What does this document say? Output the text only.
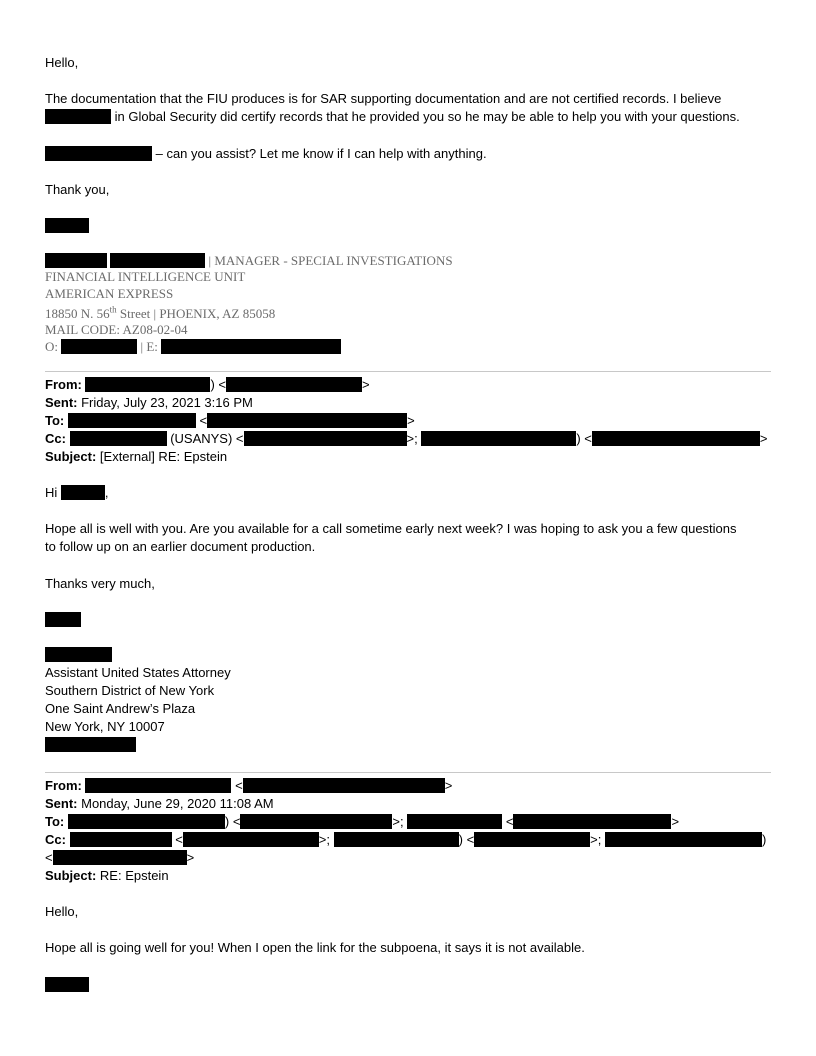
Hello,
The documentation that the FIU produces is for SAR supporting documentation and are not certified records. I believe
in Global Security did certify records that he provided you so he may be able to help you with your questions.
– can you assist? Let me know if I can help with anything.
Thank you,
| MANAGER - SPECIAL INVESTIGATIONS
FINANCIAL INTELLIGENCE UNIT
AMERICAN EXPRESS
18850 N. 56th Street | PHOENIX, AZ 85058
MAIL CODE: AZ08-02-04
O:	| E:
From:	) <	>
Sent: Friday, July 23, 2021 3:16 PM
To:	<	>
Cc:	(USANYS) <	>;	) <	>
Subject: [External] RE: Epstein
Hi	,
Hope all is well with you. Are you available for a call sometime early next week? I was hoping to ask you a few questions
to follow up on an earlier document production.
Thanks very much,
Assistant United States Attorney
Southern District of New York
One Saint Andrew’s Plaza
New York, NY 10007
From:	<	>
Sent: Monday, June 29, 2020 11:08 AM
To:	) <	>;	<	>
Cc:	<	>;	) <	>;	)
<	>
Subject: RE: Epstein
Hello,
Hope all is going well for you! When I open the link for the subpoena, it says it is not available.
